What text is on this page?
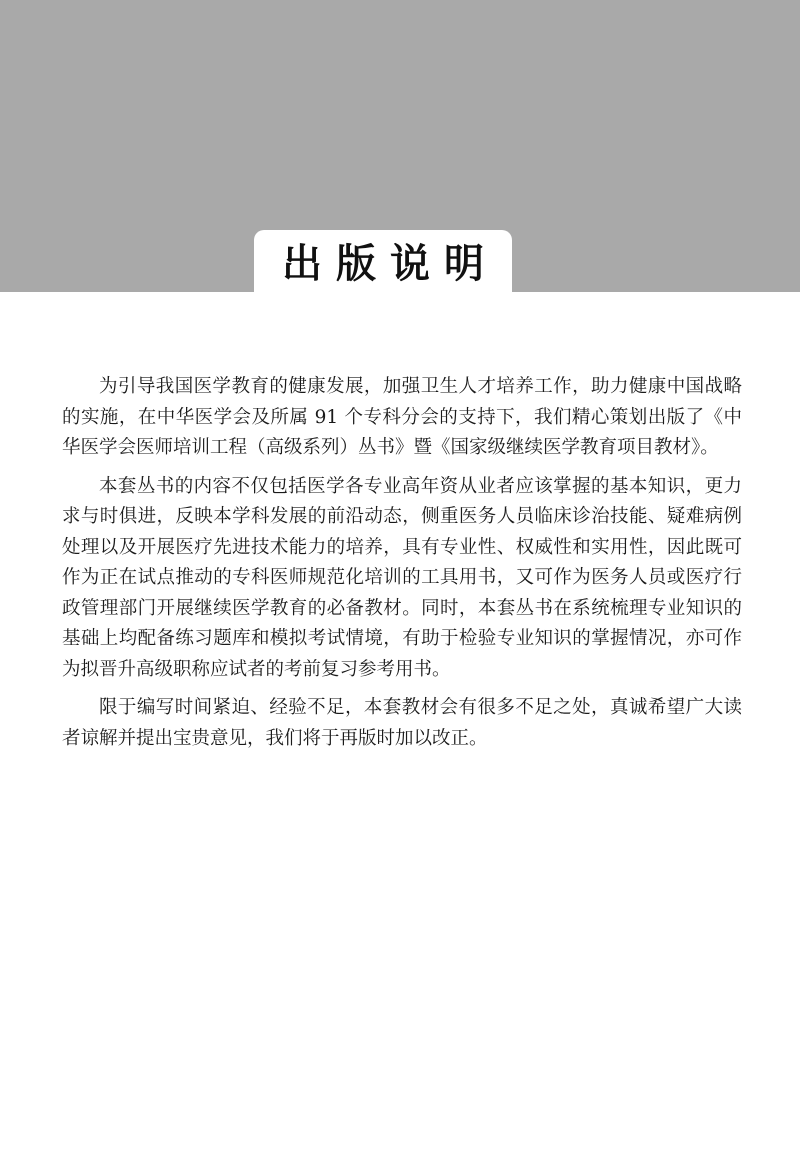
出版说明

为引导我国医学教育的健康发展，加强卫生人才培养工作，助力健康中国战略的实施，在中华医学会及所属 91 个专科分会的支持下，我们精心策划出版了《中华医学会医师培训工程（高级系列）丛书》暨《国家级继续医学教育项目教材》。

本套丛书的内容不仅包括医学各专业高年资从业者应该掌握的基本知识，更力求与时俱进，反映本学科发展的前沿动态，侧重医务人员临床诊治技能、疑难病例处理以及开展医疗先进技术能力的培养，具有专业性、权威性和实用性，因此既可作为正在试点推动的专科医师规范化培训的工具用书，又可作为医务人员或医疗行政管理部门开展继续医学教育的必备教材。同时，本套丛书在系统梳理专业知识的基础上均配备练习题库和模拟考试情境，有助于检验专业知识的掌握情况，亦可作为拟晋升高级职称应试者的考前复习参考用书。

限于编写时间紧迫、经验不足，本套教材会有很多不足之处，真诚希望广大读者谅解并提出宝贵意见，我们将于再版时加以改正。
